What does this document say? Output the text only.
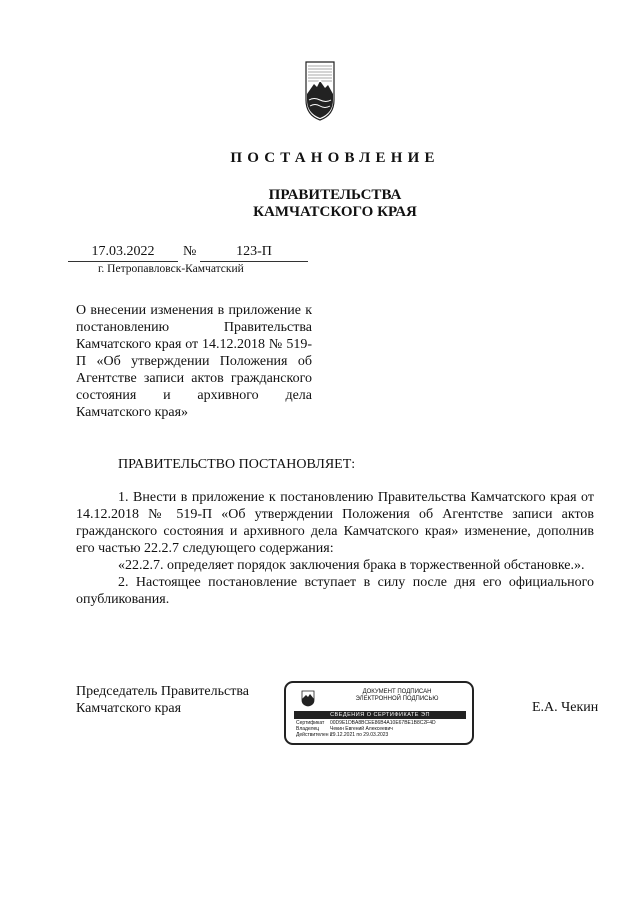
ПОСТАНОВЛЕНИЕ
ПРАВИТЕЛЬСТВА
КАМЧАТСКОГО КРАЯ
17.03.2022	№	123-П
г. Петропавловск-Камчатский
О внесении изменения в приложение к постановлению Правительства Камчатского края от 14.12.2018 № 519-П «Об утверждении Положения об Агентстве записи актов гражданского состояния и архивного дела Камчатского края»
ПРАВИТЕЛЬСТВО ПОСТАНОВЛЯЕТ:

1. Внести в приложение к постановлению Правительства Камчатского края от 14.12.2018 № 519-П «Об утверждении Положения об Агентстве записи актов гражданского состояния и архивного дела Камчатского края» изменение, дополнив его частью 22.2.7 следующего содержания:

«22.2.7. определяет порядок заключения брака в торжественной обстановке.».

2. Настоящее постановление вступает в силу после дня его официального опубликования.

Председатель Правительства
Камчатского края
ДОКУМЕНТ ПОДПИСАН
ЭЛЕКТРОННОЙ ПОДПИСЬЮ
СВЕДЕНИЯ О СЕРТИФИКАТЕ ЭП
Сертификат 00D9E1DBA8BCEE86B4A10E67BE1B8C2F4D
Владелец Чекин Евгений Алексеевич
Действителен с29.12.2021 по 29.03.2023
Е.А. Чекин
